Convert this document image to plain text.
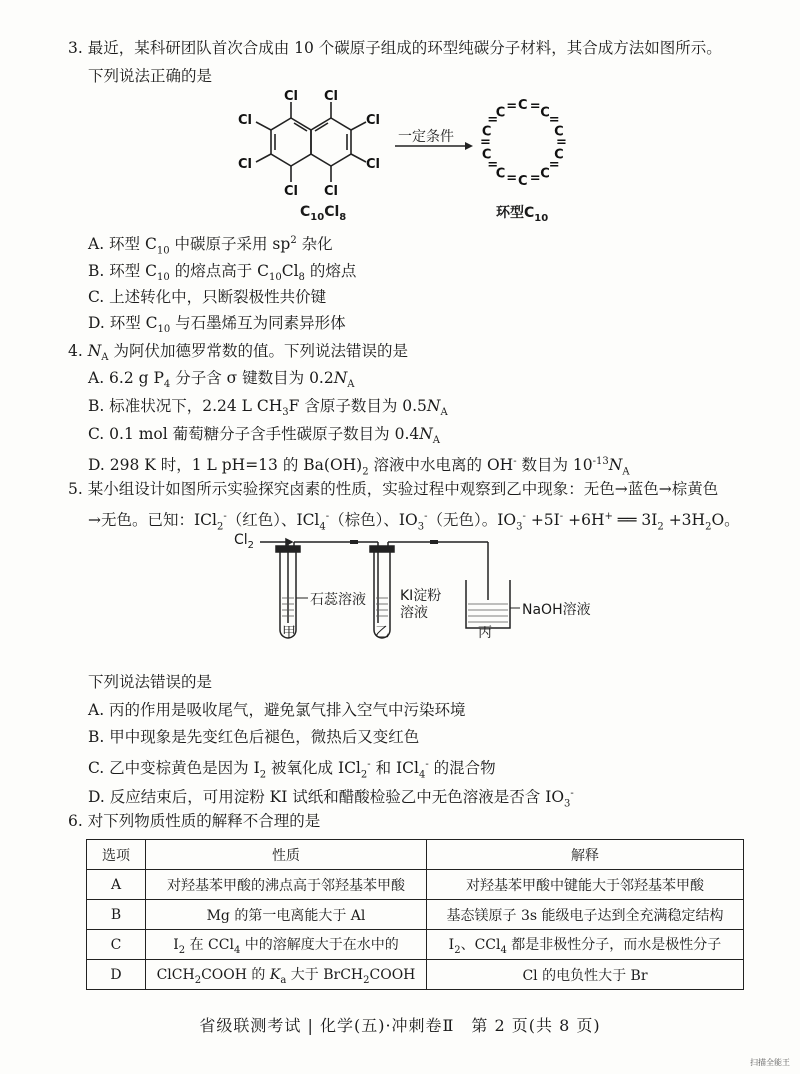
3. 最近，某科研团队首次合成由 10 个碳原子组成的环型纯碳分子材料，其合成方法如图所示。
下列说法正确的是
Cl Cl
Cl
Cl
Cl
Cl
Cl Cl
$C_{10}Cl_8$
一定条件
C = C
=
C
=
C
=
C
=
C
=
C
=
C
=
C
=
C =
环型$C_{10}$
A. 环型 $C_{10}$ 中碳原子采用 $sp^2$ 杂化
B. 环型 $C_{10}$ 的熔点高于 $C_{10}Cl_8$ 的熔点
C. 上述转化中，只断裂极性共价键
D. 环型 $C_{10}$ 与石墨烯互为同素异形体
4. $N_A$ 为阿伏加德罗常数的值。下列说法错误的是
A. 6.2 g $P_4$ 分子含 σ 键数目为 $0.2N_A$
B. 标准状况下，2.24 L $CH_3F$ 含原子数目为 $0.5N_A$
C. 0.1 mol 葡萄糖分子含手性碳原子数目为 $0.4N_A$
D. 298 K 时，1 L pH=13 的 $Ba(OH)_2$ 溶液中水电离的 OH- 数目为 $10^{-13}N_A$
5. 某小组设计如图所示实验探究卤素的性质，实验过程中观察到乙中现象：无色→蓝色→棕黄色
→无色。已知：ICl$_2$-（红色）、ICl$_4$-（棕色）、$IO_3^-$（无色）。$IO_3^- +5I^- +6H^+$ ══ $3I_2 +3H_2O$。
$Cl_2$
石蕊溶液 KI淀粉
溶液	NaOH溶液
甲	乙	丙
下列说法错误的是
A. 丙的作用是吸收尾气，避免氯气排入空气中污染环境
B. 甲中现象是先变红色后褪色，微热后又变红色
C. 乙中变棕黄色是因为 $I_2$ 被氧化成 ICl$_2$- 和 ICl$_4$- 的混合物
D. 反应结束后，可用淀粉 KI 试纸和醋酸检验乙中无色溶液是否含 $IO_3^-$
6. 对下列物质性质的解释不合理的是
选项	性质	解释
A	对羟基苯甲酸的沸点高于邻羟基苯甲酸	对羟基苯甲酸中键能大于邻羟基苯甲酸
B	Mg 的第一电离能大于 Al	基态镁原子 3s 能级电子达到全充满稳定结构
C	$I_2$ 在 CCl$_4$ 中的溶解度大于在水中的	$I_2$、CCl$_4$ 都是非极性分子，而水是极性分子
D	ClCH$_2$COOH 的 $K_a$ 大于 BrCH$_2$COOH	Cl 的电负性大于 Br
省级联测考试 | 化学(五)·冲刺卷Ⅱ　第 2 页(共 8 页)
扫描全能王
